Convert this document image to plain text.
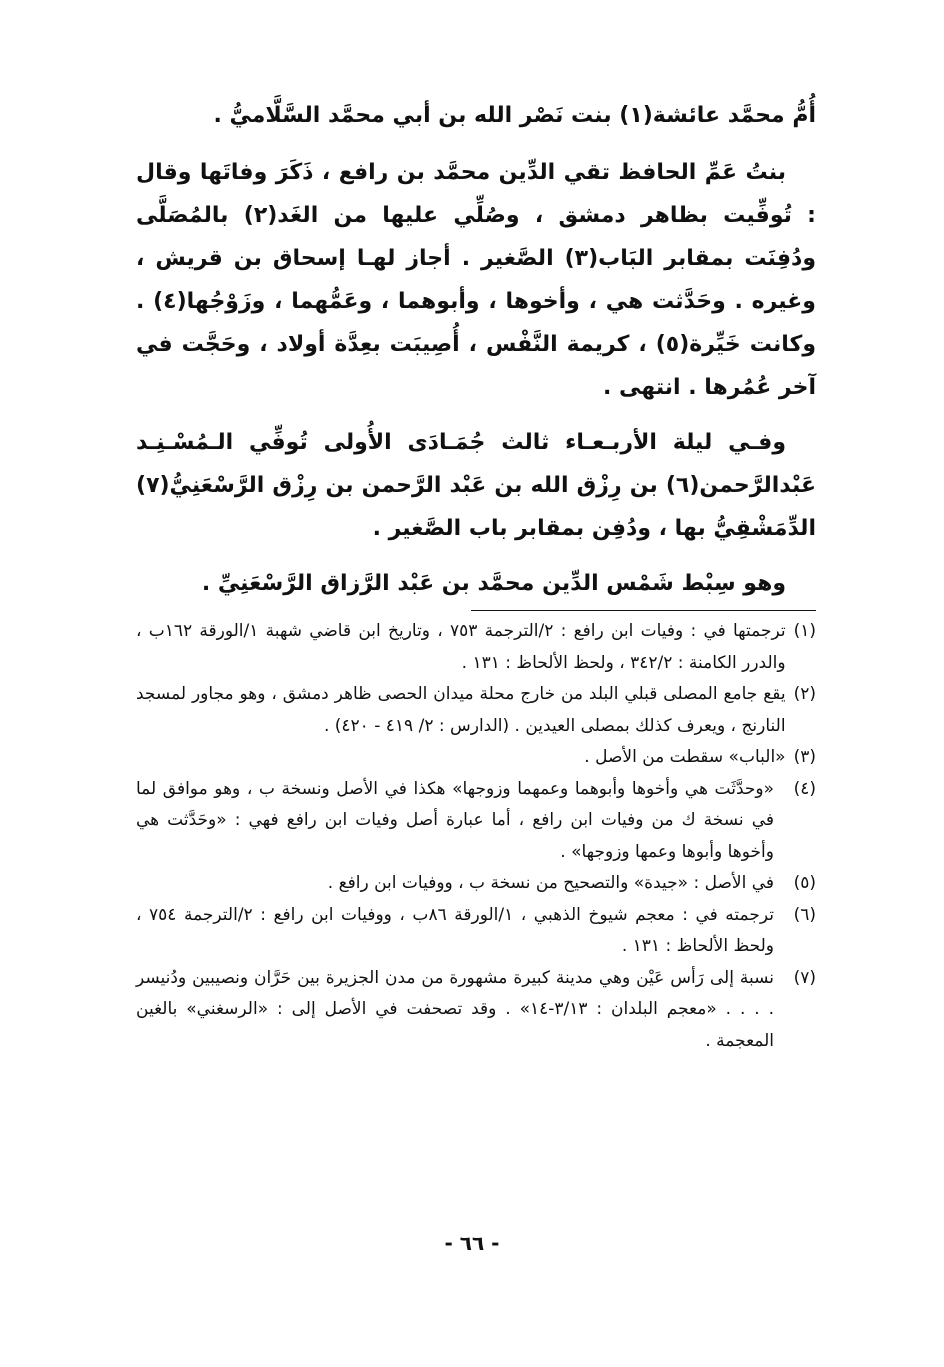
أُمُّ محمَّد عائشة(١) بنت نَصْر الله بن أبي محمَّد السَّلَّاميُّ .

بنتُ عَمِّ الحافظ تقي الدِّين محمَّد بن رافع ، ذَكَرَ وفاتَها وقال : تُوفِّيت بظاهر دمشق ، وصُلِّي عليها من الغَد(٢) بالمُصَلَّى ودُفِنَت بمقابر البَاب(٣) الصَّغير . أجاز لهـا إسحاق بن قريش ، وغيره . وحَدَّثت هي ، وأخوها ، وأبوهما ، وعَمُّهما ، وزَوْجُها(٤) . وكانت خَيِّرة(٥) ، كريمة النَّفْس ، أُصِيبَت بعِدَّة أولاد ، وحَجَّت في آخر عُمُرها . انتهى .

وفـي ليلة الأربـعـاء ثالث جُمَـادَى الأُولى تُوفِّي الـمُسْـنِـد عَبْدالرَّحمن(٦) بن رِزْق الله بن عَبْد الرَّحمن بن رِزْق الرَّسْعَنِيُّ(٧) الدِّمَشْقِيُّ بها ، ودُفِن بمقابر باب الصَّغير .

وهو سِبْط شَمْس الدِّين محمَّد بن عَبْد الرَّزاق الرَّسْعَنِيِّ .

(١)
ترجمتها في : وفيات ابن رافع : ٢/الترجمة ٧٥٣ ، وتاريخ ابن قاضي شهبة ١/الورقة ١٦٢ب ، والدرر الكامنة : ٣٤٢/٢ ، ولحظ الألحاظ : ١٣١ .
(٢)
يقع جامع المصلى قبلي البلد من خارج محلة ميدان الحصى ظاهر دمشق ، وهو مجاور لمسجد النارنج ، ويعرف كذلك بمصلى العيدين . (الدارس : ٢/ ٤١٩ - ٤٢٠) .
(٣)
«الباب» سقطت من الأصل .
(٤)
«وحدَّثَت هي وأخوها وأبوهما وعمهما وزوجها» هكذا في الأصل ونسخة ب ، وهو موافق لما في نسخة ك من وفيات ابن رافع ، أما عبارة أصل وفيات ابن رافع فهي : «وحَدَّثت هي وأخوها وأبوها وعمها وزوجها» .
(٥)
في الأصل : «جيدة» والتصحيح من نسخة ب ، ووفيات ابن رافع .
(٦)
ترجمته في : معجم شيوخ الذهبي ، ١/الورقة ٨٦ب ، ووفيات ابن رافع : ٢/الترجمة ٧٥٤ ، ولحظ الألحاظ : ١٣١ .
(٧)
نسبة إلى رَأس عَيْن وهي مدينة كبيرة مشهورة من مدن الجزيرة بين حَرَّان ونصيبين ودُنيسر . . . . «معجم البلدان : ٣/١٣-١٤» . وقد تصحفت في الأصل إلى : «الرسغني» بالغين المعجمة .
- ٦٦ -
